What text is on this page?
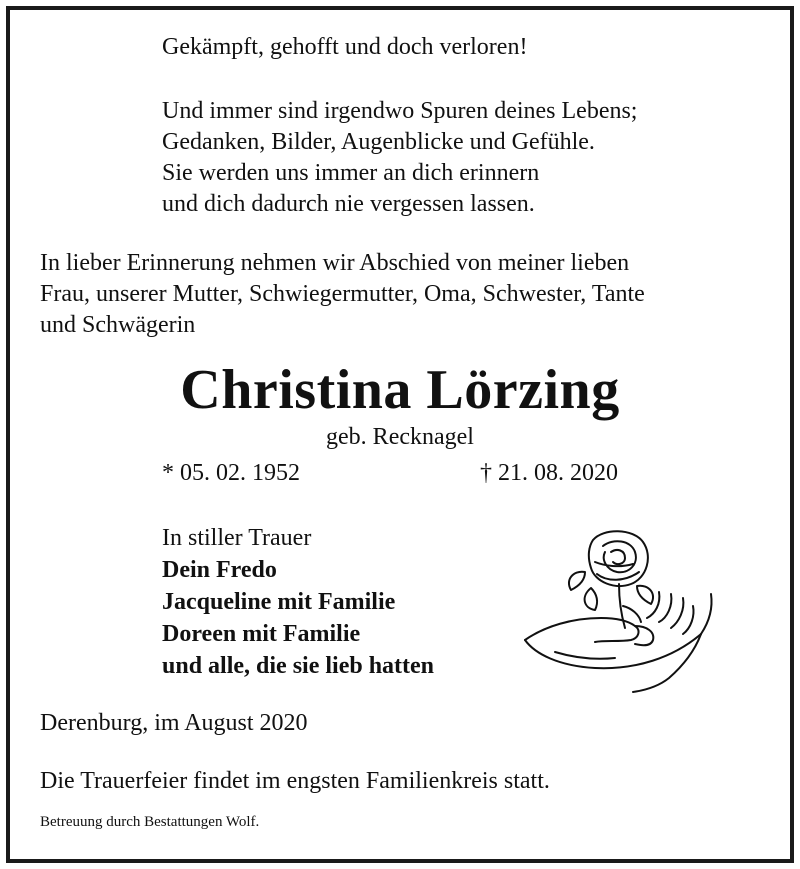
Gekämpft, gehofft und doch verloren!
Und immer sind irgendwo Spuren deines Lebens;
Gedanken, Bilder, Augenblicke und Gefühle.
Sie werden uns immer an dich erinnern
und dich dadurch nie vergessen lassen.
In lieber Erinnerung nehmen wir Abschied von meiner lieben
Frau, unserer Mutter, Schwiegermutter, Oma, Schwester, Tante
und Schwägerin
Christina Lörzing
geb. Recknagel
* 05. 02. 1952	† 21. 08. 2020
In stiller Trauer
Dein Fredo
Jacqueline mit Familie
Doreen mit Familie
und alle, die sie lieb hatten
Derenburg, im August 2020
Die Trauerfeier findet im engsten Familienkreis statt.
Betreuung durch Bestattungen Wolf.
